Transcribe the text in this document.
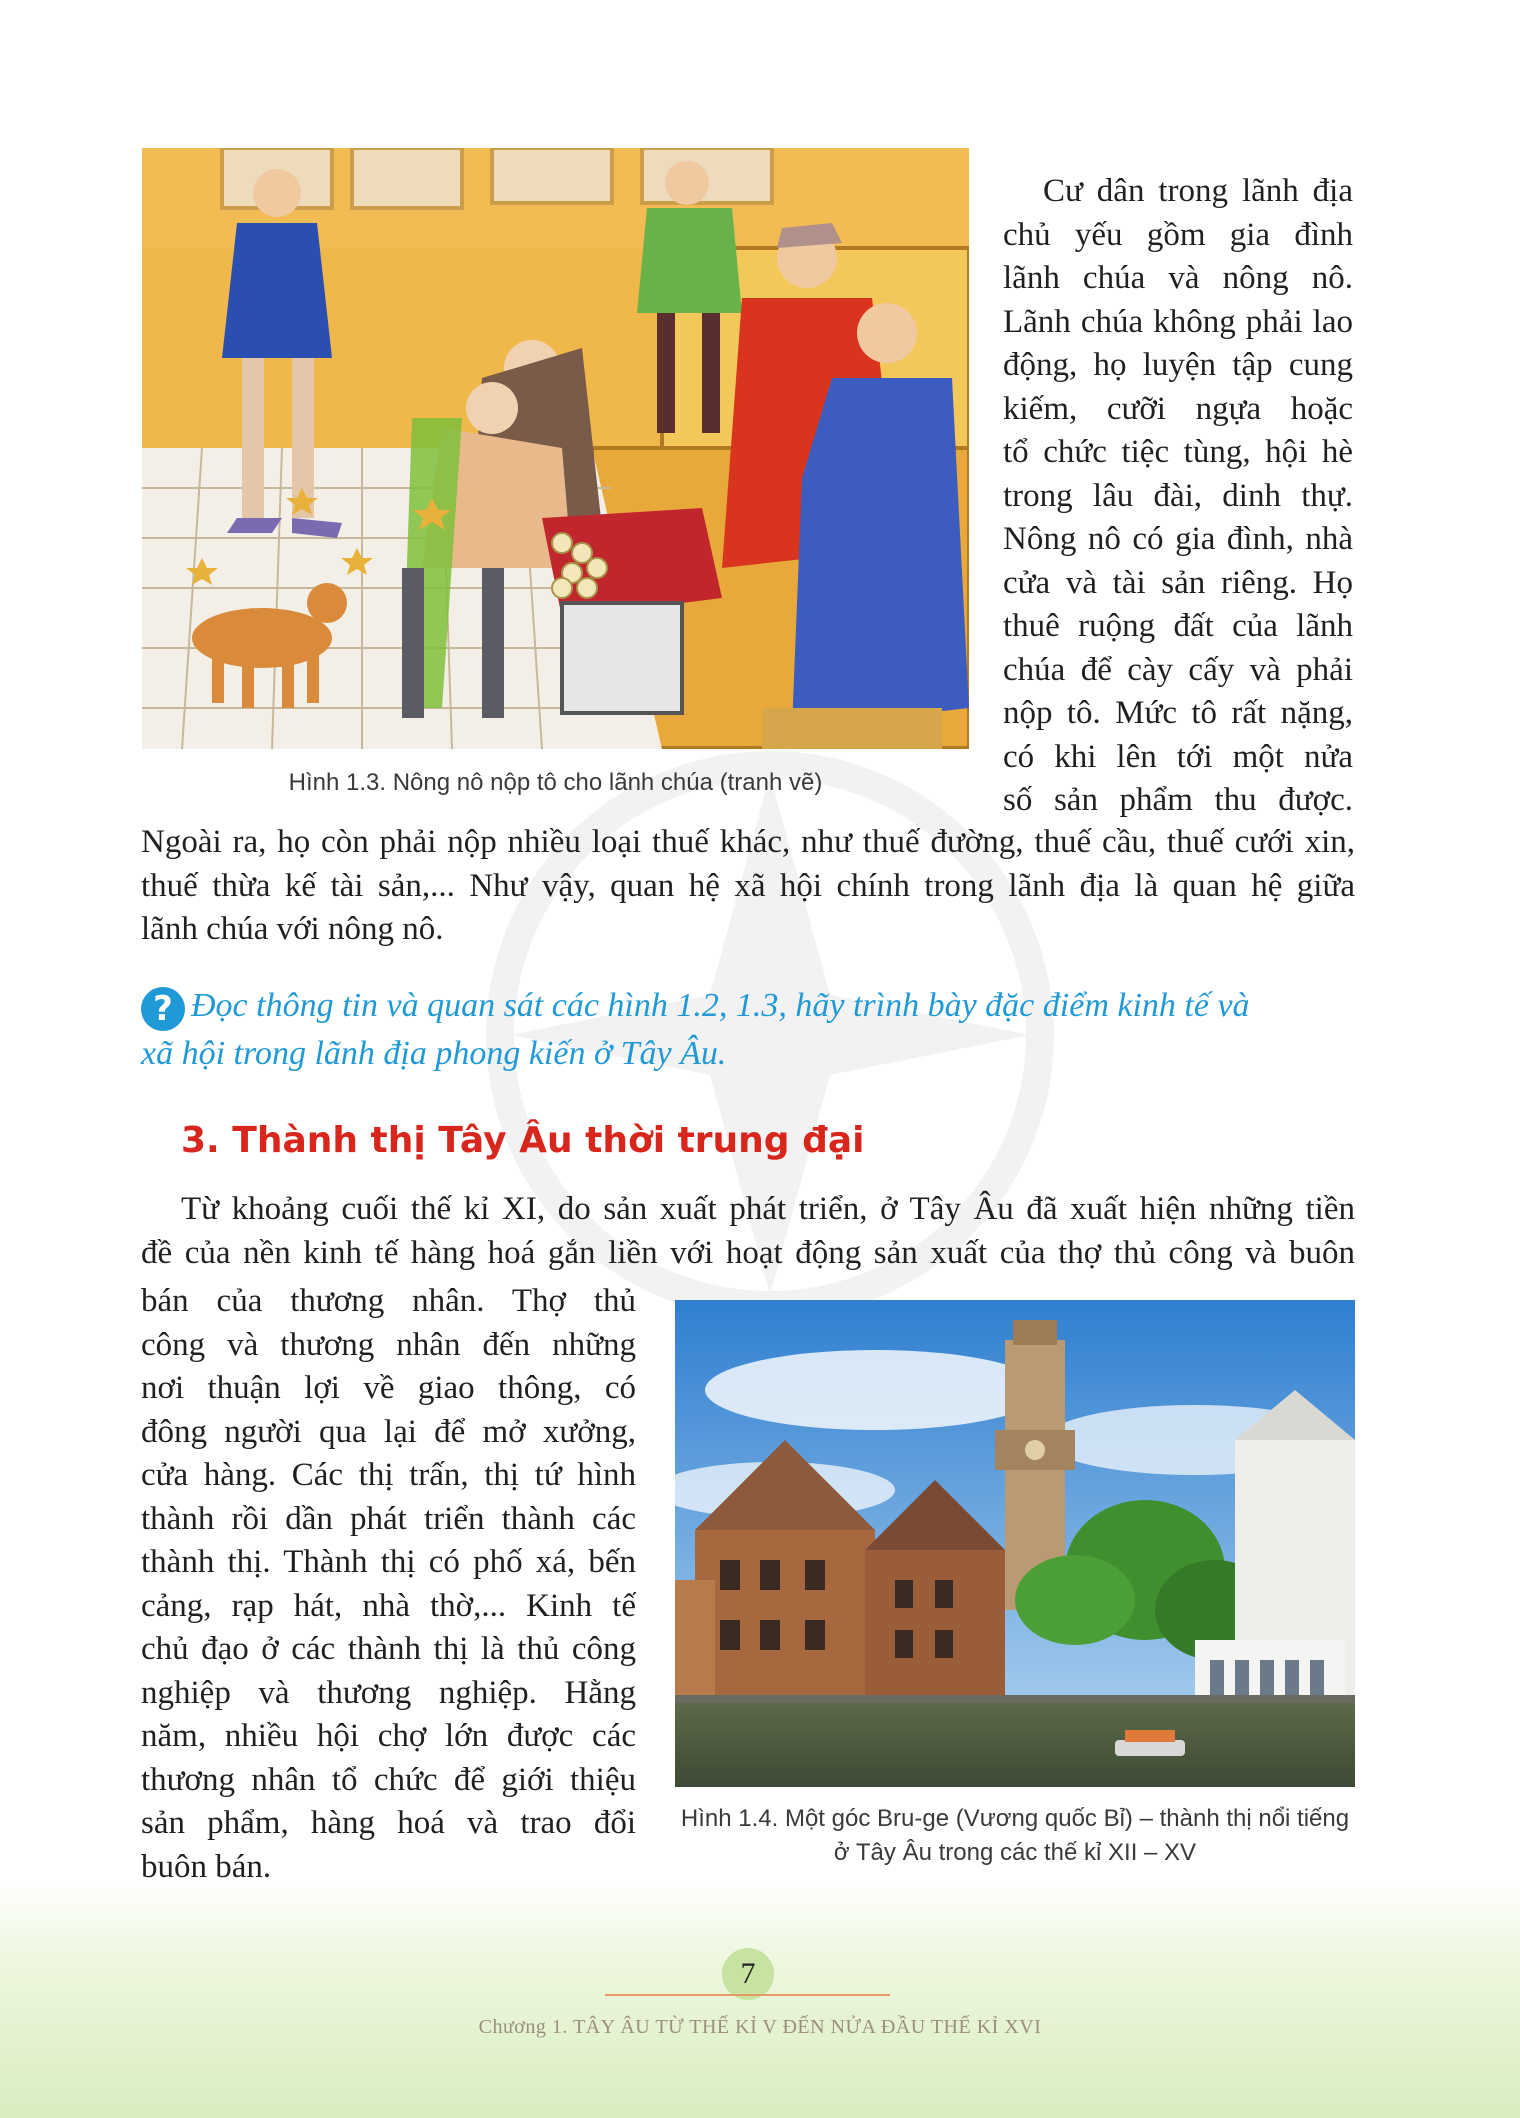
Hình 1.3. Nông nô nộp tô cho lãnh chúa (tranh vẽ)
Cư dân trong lãnh địa
chủ yếu gồm gia đình
lãnh chúa và nông nô.
Lãnh chúa không phải lao
động, họ luyện tập cung
kiếm, cưỡi ngựa hoặc
tổ chức tiệc tùng, hội hè
trong lâu đài, dinh thự.
Nông nô có gia đình, nhà
cửa và tài sản riêng. Họ
thuê ruộng đất của lãnh
chúa để cày cấy và phải
nộp tô. Mức tô rất nặng,
có khi lên tới một nửa
số sản phẩm thu được.
Ngoài ra, họ còn phải nộp nhiều loại thuế khác, như thuế đường, thuế cầu, thuế cưới xin,
thuế thừa kế tài sản,... Như vậy, quan hệ xã hội chính trong lãnh địa là quan hệ giữa
lãnh chúa với nông nô.
? Đọc thông tin và quan sát các hình 1.2, 1.3, hãy trình bày đặc điểm kinh tế và
xã hội trong lãnh địa phong kiến ở Tây Âu.
3. Thành thị Tây Âu thời trung đại
Từ khoảng cuối thế kỉ XI, do sản xuất phát triển, ở Tây Âu đã xuất hiện những tiền
đề của nền kinh tế hàng hoá gắn liền với hoạt động sản xuất của thợ thủ công và buôn
bán của thương nhân. Thợ thủ
công và thương nhân đến những
nơi thuận lợi về giao thông, có
đông người qua lại để mở xưởng,
cửa hàng. Các thị trấn, thị tứ hình
thành rồi dần phát triển thành các
thành thị. Thành thị có phố xá, bến
cảng, rạp hát, nhà thờ,... Kinh tế
chủ đạo ở các thành thị là thủ công
nghiệp và thương nghiệp. Hằng
năm, nhiều hội chợ lớn được các
thương nhân tổ chức để giới thiệu
sản phẩm, hàng hoá và trao đổi
buôn bán.
Hình 1.4. Một góc Bru-ge (Vương quốc Bỉ) – thành thị nổi tiếng
ở Tây Âu trong các thế kỉ XII – XV
7
Chương 1. TÂY ÂU TỪ THẾ KỈ V ĐẾN NỬA ĐẦU THẾ KỈ XVI
